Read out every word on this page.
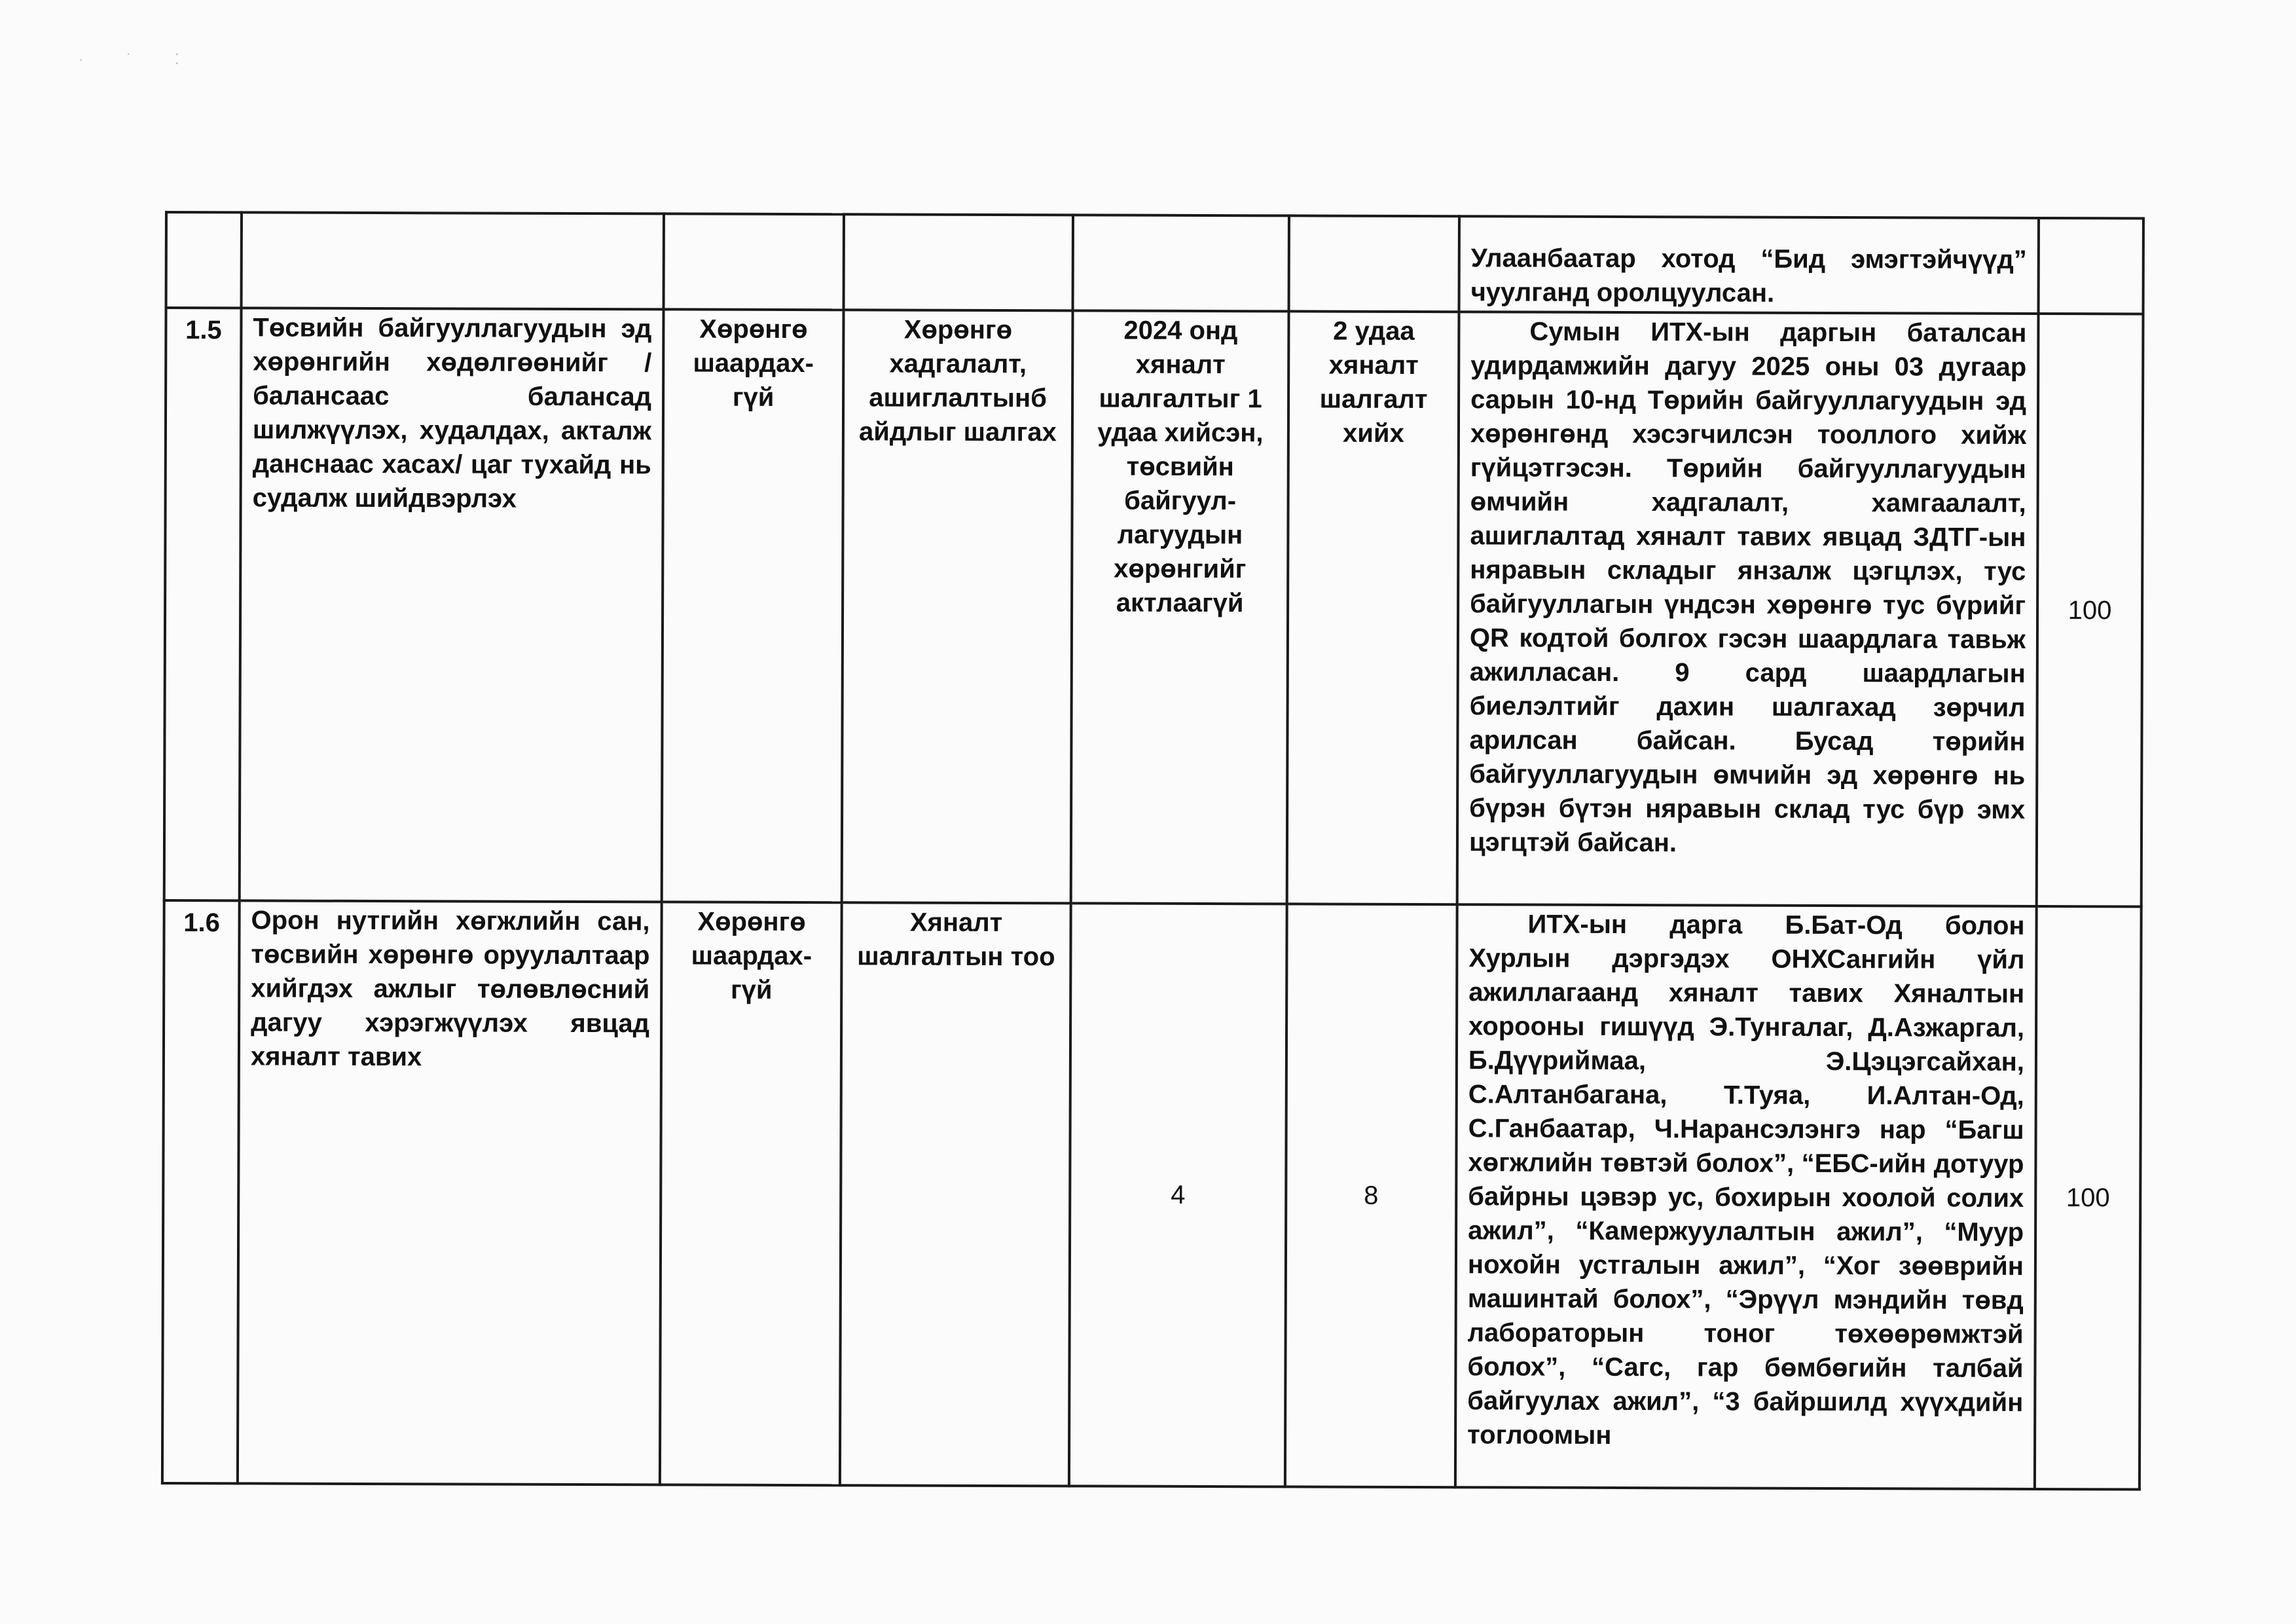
· ˙ ⁚
						Улаанбаатар хотод “Бид эмэгтэйчүүд” чуулганд оролцуулсан.	
1.5	Төсвийн байгууллагуудын эд хөрөнгийн хөдөлгөөнийг /балансаас балансад шилжүүлэх, худалдах, акталж данснаас хасах/ цаг тухайд нь судалж шийдвэрлэх	Хөрөнгө шаардах-гүй	Хөрөнгө хадгалалт, ашиглалтынб айдлыг шалгах	2024 онд хяналт шалгалтыг 1 удаа хийсэн, төсвийн байгуул-лагуудын хөрөнгийг актлаагүй	2 удаа хяналт шалгалт хийх	Сумын ИТХ-ын даргын баталсан удирдамжийн дагуу 2025 оны 03 дугаар сарын 10-нд Төрийн байгууллагуудын эд хөрөнгөнд хэсэгчилсэн тооллого хийж гүйцэтгэсэн. Төрийн байгууллагуудын өмчийн хадгалалт, хамгаалалт, ашиглалтад хяналт тавих явцад ЗДТГ-ын няравын складыг янзалж цэгцлэх, тус байгууллагын үндсэн хөрөнгө тус бүрийг QR кодтой болгох гэсэн шаардлага тавьж ажилласан. 9 сард шаардлагын биелэлтийг дахин шалгахад зөрчил арилсан байсан. Бусад төрийн байгууллагуудын өмчийн эд хөрөнгө нь бүрэн бүтэн няравын склад тус бүр эмх цэгцтэй байсан.	100
1.6	Орон нутгийн хөгжлийн сан, төсвийн хөрөнгө оруулалтаар хийгдэх ажлыг төлөвлөсний дагуу хэрэгжүүлэх явцад хяналт тавих	Хөрөнгө шаардах-гүй	Хяналт шалгалтын тоо	4	8	ИТХ-ын дарга Б.Бат-Од болон Хурлын дэргэдэх ОНХСангийн үйл ажиллагаанд хяналт тавих Хяналтын хорооны гишүүд Э.Тунгалаг, Д.Азжаргал, Б.Дүүриймаа, Э.Цэцэгсайхан, С.Алтанбагана, Т.Туяа, И.Алтан-Од, С.Ганбаатар, Ч.Нарансэлэнгэ нар “Багш хөгжлийн төвтэй болох”, “ЕБС-ийн дотуур байрны цэвэр ус, бохирын хоолой солих ажил”, “Камержуулалтын ажил”, “Муур нохойн устгалын ажил”, “Хог зөөврийн машинтай болох”, “Эрүүл мэндийн төвд лабораторын тоног төхөөрөмжтэй болох”, “Сагс, гар бөмбөгийн талбай байгуулах ажил”, “3 байршилд хүүхдийн тоглоомын	100
